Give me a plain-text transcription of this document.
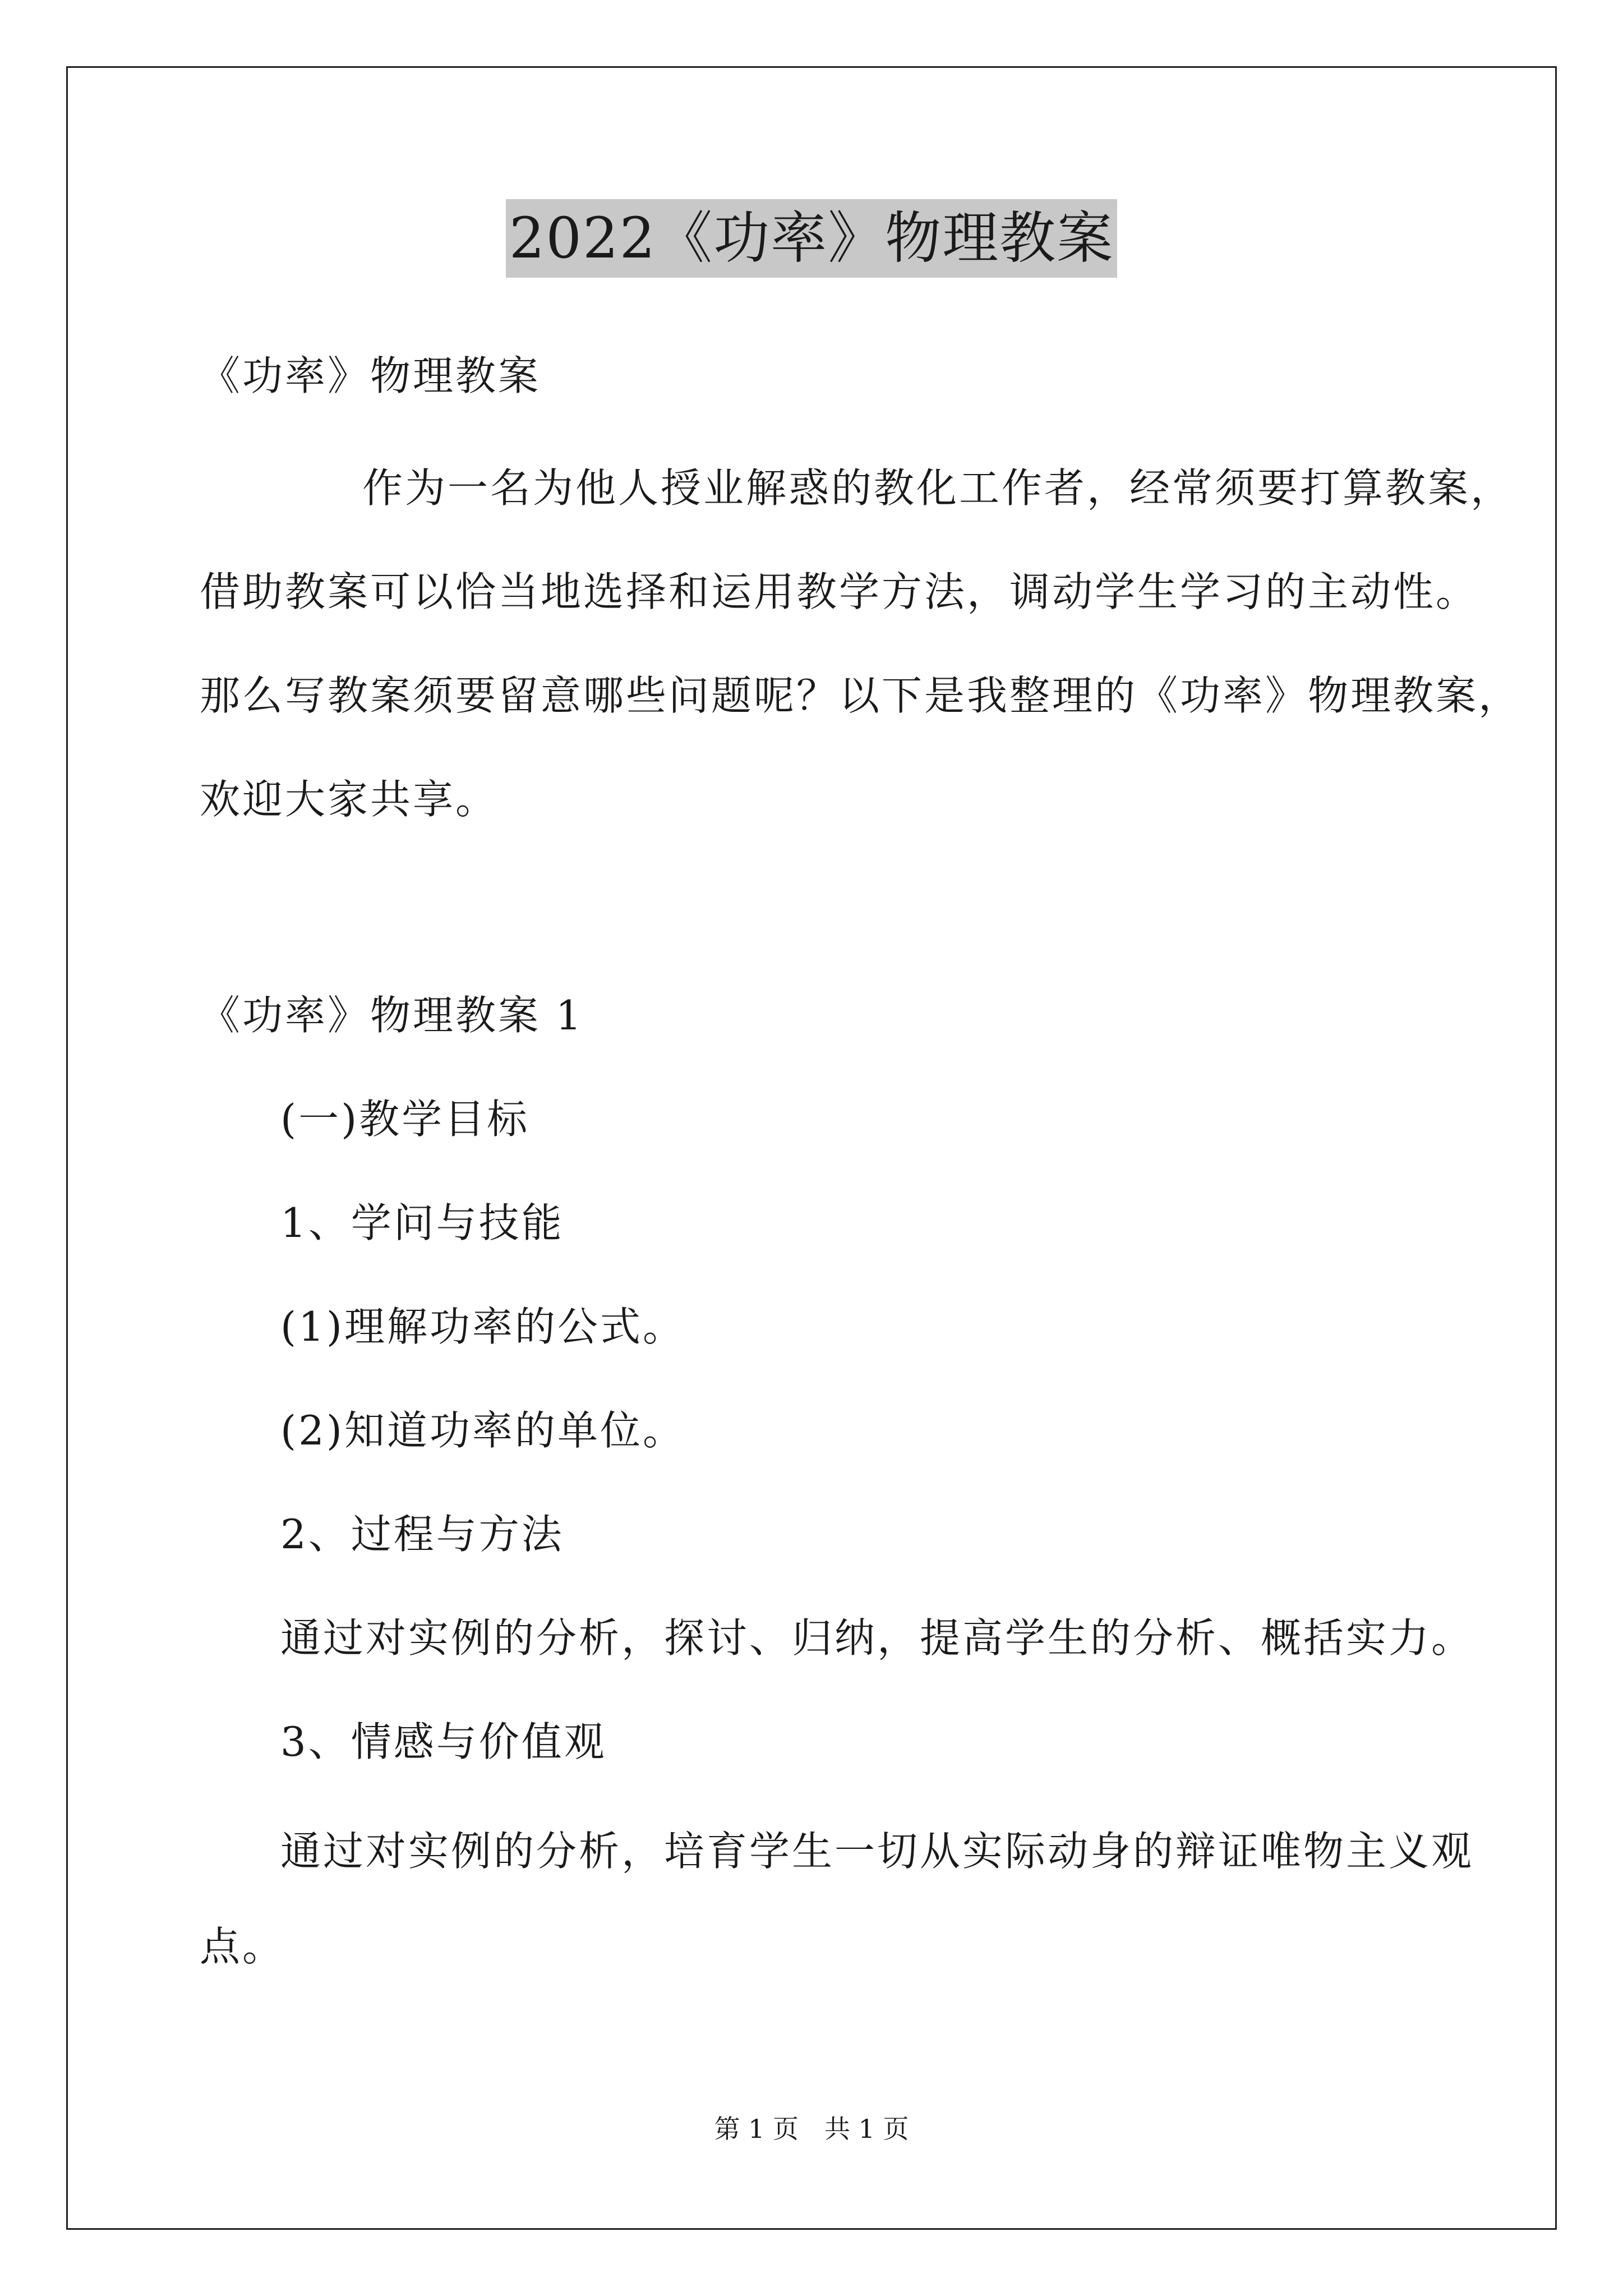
2022《功率》物理教案
《功率》物理教案
作为一名为他人授业解惑的教化工作者，经常须要打算教案，
借助教案可以恰当地选择和运用教学方法，调动学生学习的主动性。
那么写教案须要留意哪些问题呢？以下是我整理的《功率》物理教案，
欢迎大家共享。
《功率》物理教案 1
(一)教学目标
1、学问与技能
(1)理解功率的公式。
(2)知道功率的单位。
2、过程与方法
通过对实例的分析，探讨、归纳，提高学生的分析、概括实力。
3、情感与价值观
通过对实例的分析，培育学生一切从实际动身的辩证唯物主义观
点。
第 1 页　共 1 页
